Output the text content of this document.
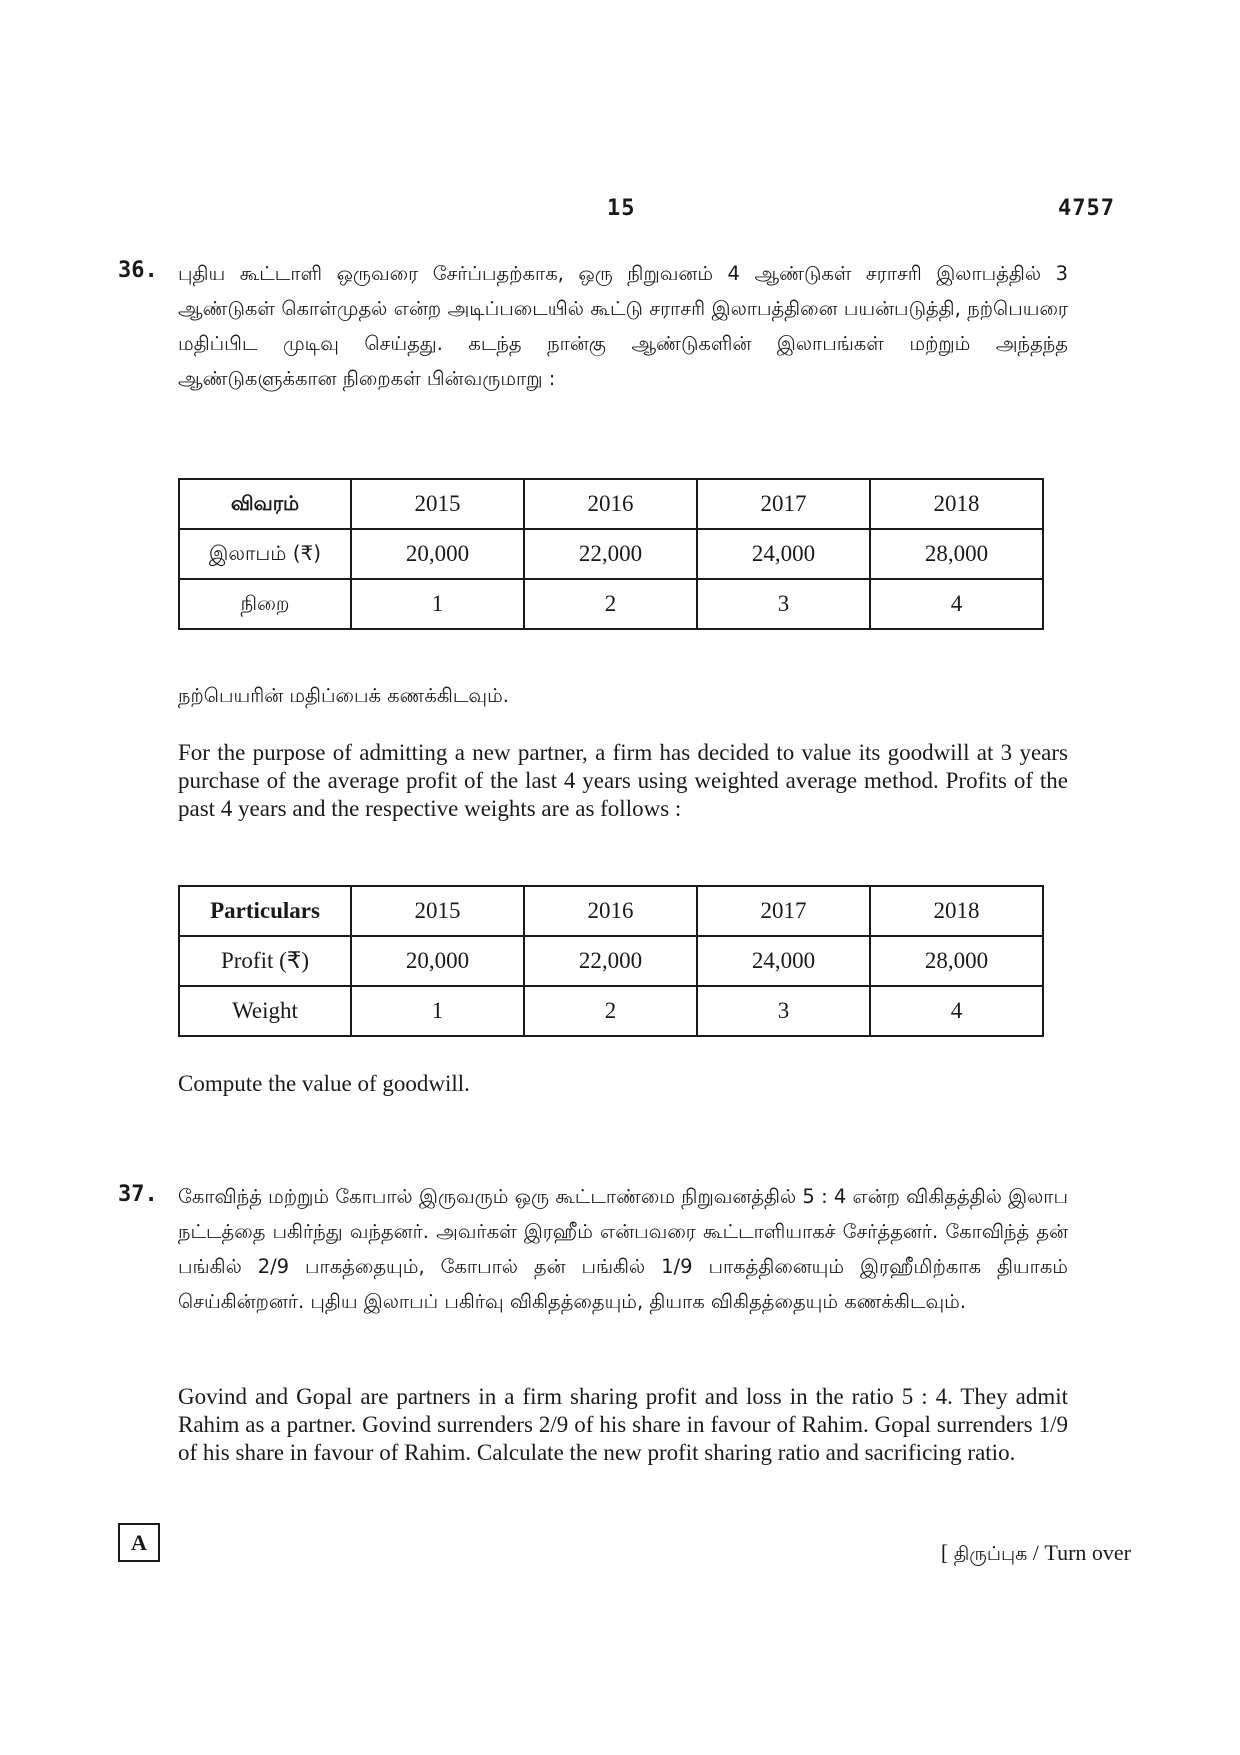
15	4757
36. புதிய கூட்டாளி ஒருவரை சேர்ப்பதற்காக, ஒரு நிறுவனம் 4 ஆண்டுகள் சராசரி இலாபத்தில் 3 ஆண்டுகள் கொள்முதல் என்ற அடிப்படையில் கூட்டு சராசரி இலாபத்தினை பயன்படுத்தி, நற்பெயரை மதிப்பிட முடிவு செய்தது. கடந்த நான்கு ஆண்டுகளின் இலாபங்கள் மற்றும் அந்தந்த ஆண்டுகளுக்கான நிறைகள் பின்வருமாறு :

விவரம்	2015	2016	2017	2018
இலாபம் (₹)	20,000	22,000	24,000	28,000
நிறை	1	2	3	4

நற்பெயரின் மதிப்பைக் கணக்கிடவும்.

For the purpose of admitting a new partner, a firm has decided to value its goodwill at 3 years purchase of the average profit of the last 4 years using weighted average method. Profits of the past 4 years and the respective weights are as follows :

Particulars	2015	2016	2017	2018
Profit (₹)	20,000	22,000	24,000	28,000
Weight	1	2	3	4

Compute the value of goodwill.

37. கோவிந்த் மற்றும் கோபால் இருவரும் ஒரு கூட்டாண்மை நிறுவனத்தில் 5 : 4 என்ற விகிதத்தில் இலாப நட்டத்தை பகிர்ந்து வந்தனர். அவர்கள் இரஹீம் என்பவரை கூட்டாளியாகச் சேர்த்தனர். கோவிந்த் தன் பங்கில் 2/9 பாகத்தையும், கோபால் தன் பங்கில் 1/9 பாகத்தினையும் இரஹீமிற்காக தியாகம் செய்கின்றனர். புதிய இலாபப் பகிர்வு விகிதத்தையும், தியாக விகிதத்தையும் கணக்கிடவும்.

Govind and Gopal are partners in a firm sharing profit and loss in the ratio 5 : 4. They admit Rahim as a partner. Govind surrenders 2/9 of his share in favour of Rahim. Gopal surrenders 1/9 of his share in favour of Rahim. Calculate the new profit sharing ratio and sacrificing ratio.

A	[ திருப்புக / Turn over
